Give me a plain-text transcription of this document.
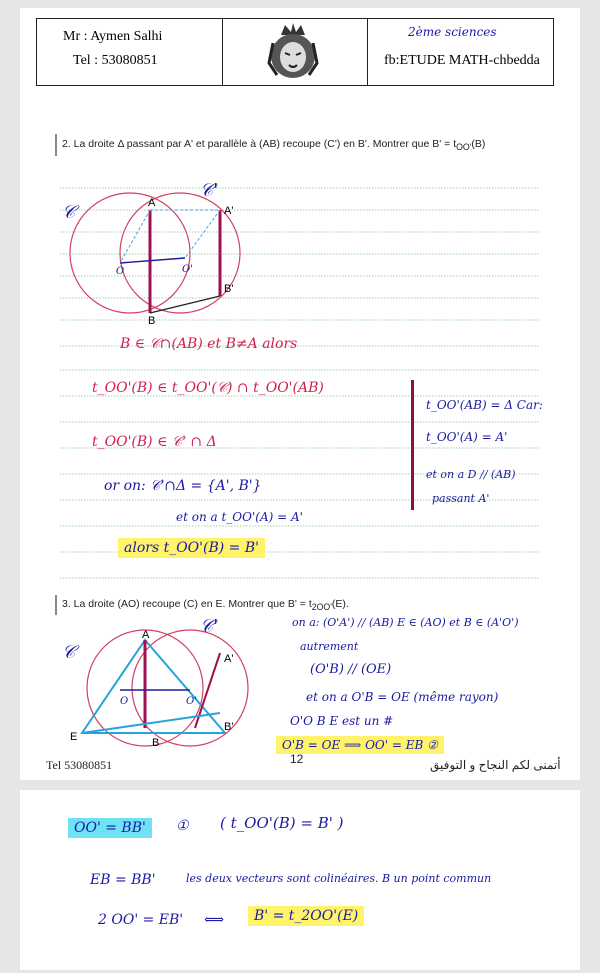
Mr : Aymen Salhi
Tel : 53080851
2ème sciences
fb:ETUDE MATH-chbedda
2. La droite Δ passant par A' et parallèle à (AB) recoupe (C') en B'. Montrer que $B' = t_{OO'}(B)$
A
A'
B
B'
O	O'
𝒞
𝒞'
B ∈ 𝒞∩(AB) et B≠A alors
t_OO'(B) ∈ t_OO'(𝒞) ∩ t_OO'(AB)
t_OO'(B) ∈ 𝒞' ∩ Δ
or on: 𝒞'∩Δ = {A', B'}
et on a t_OO'(A) = A'
t_OO'(AB) = Δ Car:
t_OO'(A) = A'
et on a D // (AB)
passant A'
alors t_OO'(B) = B'
3. La droite (AO) recoupe (C) en E. Montrer que $B' = t_{2OO'}(E)$.
A
A'
B
B'
E
O	O'
𝒞
𝒞'	on a: (O'A') // (AB) E ∈ (AO) et B ∈ (A'O')
autrement
(O'B) // (OE)
et on a O'B = OE (même rayon)
O'O B E est un #
O'B = OE ⟹ OO' = EB ②
Tel 53080851	12	أتمنى لكم النجاح و التوفيق
OO' = BB'	① ( t_OO'(B) = B' )
EB = BB'	les deux vecteurs sont colinéaires. B un point commun
2 OO' = EB' ⟺	B' = t_2OO'(E)
